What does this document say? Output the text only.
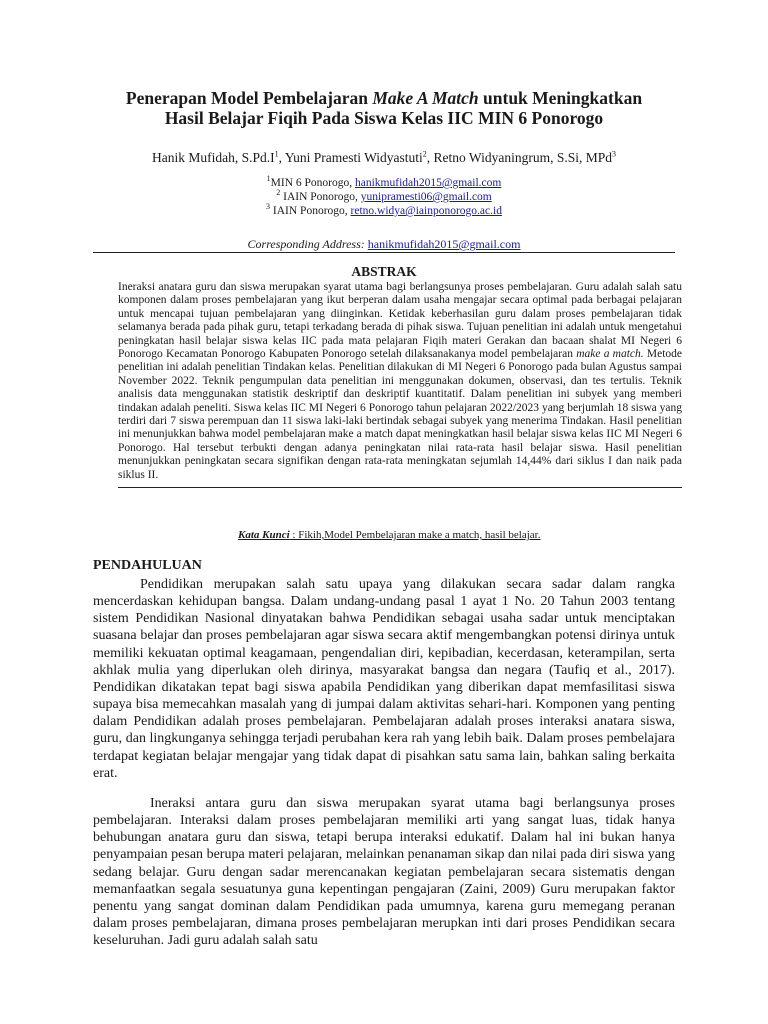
Penerapan Model Pembelajaran Make A Match untuk Meningkatkan
Hasil Belajar Fiqih Pada Siswa Kelas IIC MIN 6 Ponorogo
Hanik Mufidah, $S.Pd.I^1$, Yuni Pramesti Widyastuti$^2$, Retno Widyaningrum, S.Si, MPd$^3$
$^1$MIN 6 Ponorogo, hanikmufidah2015@gmail.com
$^2$ IAIN Ponorogo, yunipramesti06@gmail.com
$^3$ IAIN Ponorogo, retno.widya@iainponorogo.ac.id
Corresponding Address: hanikmufidah2015@gmail.com
ABSTRAK
Ineraksi anatara guru dan siswa merupakan syarat utama bagi berlangsunya proses pembelajaran. Guru adalah salah satu komponen dalam proses pembelajaran yang ikut berperan dalam usaha mengajar secara optimal pada berbagai pelajaran untuk mencapai tujuan pembelajaran yang diinginkan. Ketidak keberhasilan guru dalam proses pembelajaran tidak selamanya berada pada pihak guru, tetapi terkadang berada di pihak siswa. Tujuan penelitian ini adalah untuk mengetahui peningkatan hasil belajar siswa kelas IIC pada mata pelajaran Fiqih materi Gerakan dan bacaan shalat MI Negeri 6 Ponorogo Kecamatan Ponorogo Kabupaten Ponorogo setelah dilaksanakanya model pembelajaran make a match. Metode penelitian ini adalah penelitian Tindakan kelas. Penelitian dilakukan di MI Negeri 6 Ponorogo pada bulan Agustus sampai November 2022. Teknik pengumpulan data penelitian ini menggunakan dokumen, observasi, dan tes tertulis. Teknik analisis data menggunakan statistik deskriptif dan deskriptif kuantitatif. Dalam penelitian ini subyek yang memberi tindakan adalah peneliti. Siswa kelas IIC MI Negeri 6 Ponorogo tahun pelajaran 2022/2023 yang berjumlah 18 siswa yang terdiri dari 7 siswa perempuan dan 11 siswa laki-laki bertindak sebagai subyek yang menerima Tindakan. Hasil penelitian ini menunjukkan bahwa model pembelajaran make a match dapat meningkatkan hasil belajar siswa kelas IIC MI Negeri 6 Ponorogo. Hal tersebut terbukti dengan adanya peningkatan nilai rata-rata hasil belajar siswa. Hasil penelitian menunjukkan peningkatan secara signifikan dengan rata-rata meningkatan sejumlah 14,44% dari siklus I dan naik pada siklus II.
Kata Kunci : Fikih,Model Pembelajaran make a match, hasil belajar.
PENDAHULUAN
Pendidikan merupakan salah satu upaya yang dilakukan secara sadar dalam rangka mencerdaskan kehidupan bangsa. Dalam undang-undang pasal 1 ayat 1 No. 20 Tahun 2003 tentang sistem Pendidikan Nasional dinyatakan bahwa Pendidikan sebagai usaha sadar untuk menciptakan suasana belajar dan proses pembelajaran agar siswa secara aktif mengembangkan potensi dirinya untuk memiliki kekuatan optimal keagamaan, pengendalian diri, kepibadian, kecerdasan, keterampilan, serta akhlak mulia yang diperlukan oleh dirinya, masyarakat bangsa dan negara (Taufiq et al., 2017). Pendidikan dikatakan tepat bagi siswa apabila Pendidikan yang diberikan dapat memfasilitasi siswa supaya bisa memecahkan masalah yang di jumpai dalam aktivitas sehari-hari. Komponen yang penting dalam Pendidikan adalah proses pembelajaran. Pembelajaran adalah proses interaksi anatara siswa, guru, dan lingkunganya sehingga terjadi perubahan kera rah yang lebih baik. Dalam proses pembelajara terdapat kegiatan belajar mengajar yang tidak dapat di pisahkan satu sama lain, bahkan saling berkaita erat.
Ineraksi antara guru dan siswa merupakan syarat utama bagi berlangsunya proses pembelajaran. Interaksi dalam proses pembelajaran memiliki arti yang sangat luas, tidak hanya behubungan anatara guru dan siswa, tetapi berupa interaksi edukatif. Dalam hal ini bukan hanya penyampaian pesan berupa materi pelajaran, melainkan penanaman sikap dan nilai pada diri siswa yang sedang belajar. Guru dengan sadar merencanakan kegiatan pembelajaran secara sistematis dengan memanfaatkan segala sesuatunya guna kepentingan pengajaran (Zaini, 2009) Guru merupakan faktor penentu yang sangat dominan dalam Pendidikan pada umumnya, karena guru memegang peranan dalam proses pembelajaran, dimana proses pembelajaran merupkan inti dari proses Pendidikan secara keseluruhan. Jadi guru adalah salah satu
